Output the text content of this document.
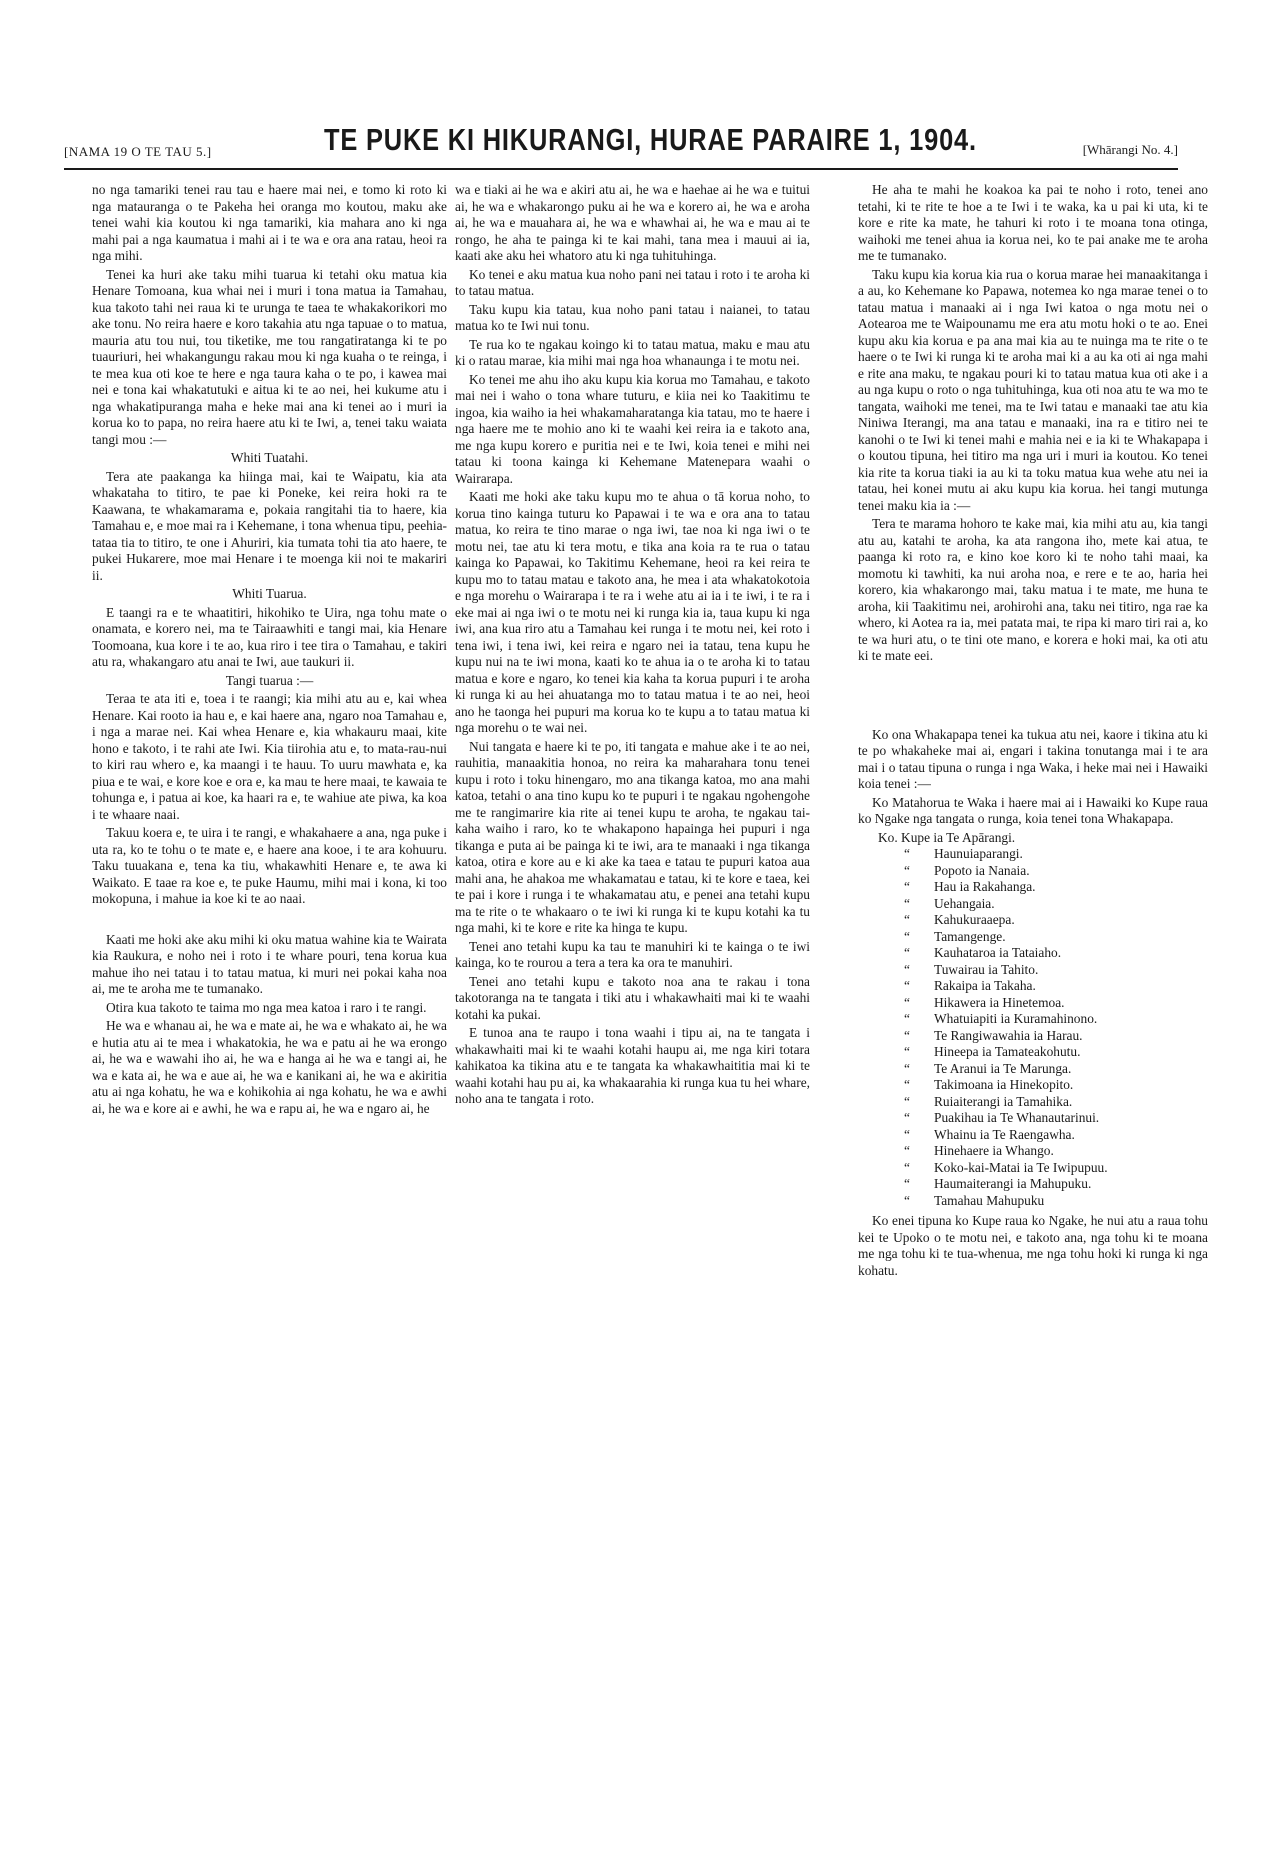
[NAMA 19 O TE TAU 5.]	TE PUKE KI HIKURANGI, HURAE PARAIRE 1, 1904.	[Whārangi No. 4.]

no nga tamariki tenei rau tau e haere mai nei, e tomo ki roto ki nga matauranga o te Pakeha hei oranga mo koutou, maku ake tenei wahi kia koutou ki nga tamariki, kia mahara ano ki nga mahi pai a nga kaumatua i mahi ai i te wa e ora ana ratau, heoi ra nga mihi.

Tenei ka huri ake taku mihi tuarua ki tetahi oku matua kia Henare Tomoana, kua whai nei i muri i tona matua ia Tamahau, kua takoto tahi nei raua ki te urunga te taea te whakakorikori mo ake tonu. No reira haere e koro takahia atu nga tapuae o to matua, mauria atu tou nui, tou tiketike, me tou rangatiratanga ki te po tuauriuri, hei whakangungu rakau mou ki nga kuaha o te reinga, i te mea kua oti koe te here e nga taura kaha o te po, i kawea mai nei e tona kai whakatutuki e aitua ki te ao nei, hei kukume atu i nga whakatipuranga maha e heke mai ana ki tenei ao i muri ia korua ko to papa, no reira haere atu ki te Iwi, a, tenei taku waiata tangi mou :—

Whiti Tuatahi.

Tera ate paakanga ka hiinga mai, kai te Waipatu, kia ata whakataha to titiro, te pae ki Poneke, kei reira hoki ra te Kaawana, te whakamarama e, pokaia rangitahi tia to haere, kia Tamahau e, e moe mai ra i Kehemane, i tona whenua tipu, peehia-tataa tia to titiro, te one i Ahuriri, kia tumata tohi tia ato haere, te pukei Hukarere, moe mai Henare i te moenga kii noi te makariri ii.

Whiti Tuarua.

E taangi ra e te whaatitiri, hikohiko te Uira, nga tohu mate o onamata, e korero nei, ma te Tairaawhiti e tangi mai, kia Henare Toomoana, kua kore i te ao, kua riro i tee tira o Tamahau, e takiri atu ra, whakangaro atu anai te Iwi, aue taukuri ii.

Tangi tuarua :—

Teraa te ata iti e, toea i te raangi; kia mihi atu au e, kai whea Henare. Kai rooto ia hau e, e kai haere ana, ngaro noa Tamahau e, i nga a marae nei. Kai whea Henare e, kia whakauru maai, kite hono e takoto, i te rahi ate Iwi. Kia tiirohia atu e, to mata-rau-nui to kiri rau whero e, ka maangi i te hauu. To uuru mawhata e, ka piua e te wai, e kore koe e ora e, ka mau te here maai, te kawaia te tohunga e, i patua ai koe, ka haari ra e, te wahiue ate piwa, ka koa i te whaare naai.

Takuu koera e, te uira i te rangi, e whakahaere a ana, nga puke i uta ra, ko te tohu o te mate e, e haere ana kooe, i te ara kohuuru. Taku tuuakana e, tena ka tiu, whakawhiti Henare e, te awa ki Waikato. E taae ra koe e, te puke Haumu, mihi mai i kona, ki too mokopuna, i mahue ia koe ki te ao naai.

Kaati me hoki ake aku mihi ki oku matua wahine kia te Wairata kia Raukura, e noho nei i roto i te whare pouri, tena korua kua mahue iho nei tatau i to tatau matua, ki muri nei pokai kaha noa ai, me te aroha me te tumanako.

Otira kua takoto te taima mo nga mea katoa i raro i te rangi.

He wa e whanau ai, he wa e mate ai, he wa e whakato ai, he wa e hutia atu ai te mea i whakatokia, he wa e patu ai he wa erongo ai, he wa e wawahi iho ai, he wa e hanga ai he wa e tangi ai, he wa e kata ai, he wa e aue ai, he wa e kanikani ai, he wa e akiritia atu ai nga kohatu, he wa e kohikohia ai nga kohatu, he wa e awhi ai, he wa e kore ai e awhi, he wa e rapu ai, he wa e ngaro ai, he

wa e tiaki ai he wa e akiri atu ai, he wa e haehae ai he wa e tuitui ai, he wa e whakarongo puku ai he wa e korero ai, he wa e aroha ai, he wa e mauahara ai, he wa e whawhai ai, he wa e mau ai te rongo, he aha te painga ki te kai mahi, tana mea i mauui ai ia, kaati ake aku hei whatoro atu ki nga tuhituhinga.

Ko tenei e aku matua kua noho pani nei tatau i roto i te aroha ki to tatau matua.

Taku kupu kia tatau, kua noho pani tatau i naianei, to tatau matua ko te Iwi nui tonu.

Te rua ko te ngakau koingo ki to tatau matua, maku e mau atu ki o ratau marae, kia mihi mai nga hoa whanaunga i te motu nei.

Ko tenei me ahu iho aku kupu kia korua mo Tamahau, e takoto mai nei i waho o tona whare tuturu, e kiia nei ko Taakitimu te ingoa, kia waiho ia hei whakamaharatanga kia tatau, mo te haere i nga haere me te mohio ano ki te waahi kei reira ia e takoto ana, me nga kupu korero e puritia nei e te Iwi, koia tenei e mihi nei tatau ki toona kainga ki Kehemane Matenepara waahi o Wairarapa.

Kaati me hoki ake taku kupu mo te ahua o tā korua noho, to korua tino kainga tuturu ko Papawai i te wa e ora ana to tatau matua, ko reira te tino marae o nga iwi, tae noa ki nga iwi o te motu nei, tae atu ki tera motu, e tika ana koia ra te rua o tatau kainga ko Papawai, ko Takitimu Kehemane, heoi ra kei reira te kupu mo to tatau matau e takoto ana, he mea i ata whakatokotoia e nga morehu o Wairarapa i te ra i wehe atu ai ia i te iwi, i te ra i eke mai ai nga iwi o te motu nei ki runga kia ia, taua kupu ki nga iwi, ana kua riro atu a Tamahau kei runga i te motu nei, kei roto i tena iwi, i tena iwi, kei reira e ngaro nei ia tatau, tena kupu he kupu nui na te iwi mona, kaati ko te ahua ia o te aroha ki to tatau matua e kore e ngaro, ko tenei kia kaha ta korua pupuri i te aroha ki runga ki au hei ahuatanga mo to tatau matua i te ao nei, heoi ano he taonga hei pupuri ma korua ko te kupu a to tatau matua ki nga morehu o te wai nei.

Nui tangata e haere ki te po, iti tangata e mahue ake i te ao nei, rauhitia, manaakitia honoa, no reira ka maharahara tonu tenei kupu i roto i toku hinengaro, mo ana tikanga katoa, mo ana mahi katoa, tetahi o ana tino kupu ko te pupuri i te ngakau ngohengohe me te rangimarire kia rite ai tenei kupu te aroha, te ngakau tai-kaha waiho i raro, ko te whakapono hapainga hei pupuri i nga tikanga e puta ai be painga ki te iwi, ara te manaaki i nga tikanga katoa, otira e kore au e ki ake ka taea e tatau te pupuri katoa aua mahi ana, he ahakoa me whakamatau e tatau, ki te kore e taea, kei te pai i kore i runga i te whakamatau atu, e penei ana tetahi kupu ma te rite o te whakaaro o te iwi ki runga ki te kupu kotahi ka tu nga mahi, ki te kore e rite ka hinga te kupu.

Tenei ano tetahi kupu ka tau te manuhiri ki te kainga o te iwi kainga, ko te rourou a tera a tera ka ora te manuhiri.

Tenei ano tetahi kupu e takoto noa ana te rakau i tona takotoranga na te tangata i tiki atu i whakawhaiti mai ki te waahi kotahi ka pukai.

E tunoa ana te raupo i tona waahi i tipu ai, na te tangata i whakawhaiti mai ki te waahi kotahi haupu ai, me nga kiri totara kahikatoa ka tikina atu e te tangata ka whakawhaititia mai ki te waahi kotahi hau pu ai, ka whakaarahia ki runga kua tu hei whare, noho ana te tangata i roto.

He aha te mahi he koakoa ka pai te noho i roto, tenei ano tetahi, ki te rite te hoe a te Iwi i te waka, ka u pai ki uta, ki te kore e rite ka mate, he tahuri ki roto i te moana tona otinga, waihoki me tenei ahua ia korua nei, ko te pai anake me te aroha me te tumanako.

Taku kupu kia korua kia rua o korua marae hei manaakitanga i a au, ko Kehemane ko Papawa, notemea ko nga marae tenei o to tatau matua i manaaki ai i nga Iwi katoa o nga motu nei o Aotearoa me te Waipounamu me era atu motu hoki o te ao. Enei kupu aku kia korua e pa ana mai kia au te nuinga ma te rite o te haere o te Iwi ki runga ki te aroha mai ki a au ka oti ai nga mahi e rite ana maku, te ngakau pouri ki to tatau matua kua oti ake i a au nga kupu o roto o nga tuhituhinga, kua oti noa atu te wa mo te tangata, waihoki me tenei, ma te Iwi tatau e manaaki tae atu kia Niniwa Iterangi, ma ana tatau e manaaki, ina ra e titiro nei te kanohi o te Iwi ki tenei mahi e mahia nei e ia ki te Whakapapa i o koutou tipuna, hei titiro ma nga uri i muri ia koutou. Ko tenei kia rite ta korua tiaki ia au ki ta toku matua kua wehe atu nei ia tatau, hei konei mutu ai aku kupu kia korua. hei tangi mutunga tenei maku kia ia :—

Tera te marama hohoro te kake mai, kia mihi atu au, kia tangi atu au, katahi te aroha, ka ata rangona iho, mete kai atua, te paanga ki roto ra, e kino koe koro ki te noho tahi maai, ka momotu ki tawhiti, ka nui aroha noa, e rere e te ao, haria hei korero, kia whakarongo mai, taku matua i te mate, me huna te aroha, kii Taakitimu nei, arohirohi ana, taku nei titiro, nga rae ka whero, ki Aotea ra ia, mei patata mai, te ripa ki maro tiri rai a, ko te wa huri atu, o te tini ote mano, e korera e hoki mai, ka oti atu ki te mate eei.

Ko ona Whakapapa tenei ka tukua atu nei, kaore i tikina atu ki te po whakaheke mai ai, engari i takina tonutanga mai i te ara mai i o tatau tipuna o runga i nga Waka, i heke mai nei i Hawaiki koia tenei :—

Ko Matahorua te Waka i haere mai ai i Hawaiki ko Kupe raua ko Ngake nga tangata o runga, koia tenei tona Whakapapa.

Ko. Kupe ia Te Apārangi.
“ Haunuiaparangi.
“ Popoto ia Nanaia.
“ Hau ia Rakahanga.
“ Uehangaia.
“ Kahukuraaepa.
“ Tamangenge.
“ Kauhataroa ia Tataiaho.
“ Tuwairau ia Tahito.
“ Rakaipa ia Takaha.
“ Hikawera ia Hinetemoa.
“ Whatuiapiti ia Kuramahinono.
“ Te Rangiwawahia ia Harau.
“ Hineepa ia Tamateakohutu.
“ Te Aranui ia Te Marunga.
“ Takimoana ia Hinekopito.
“ Ruiaiterangi ia Tamahika.
“ Puakihau ia Te Whanautarinui.
“ Whainu ia Te Raengawha.
“ Hinehaere ia Whango.
“ Koko-kai-Matai ia Te Iwipupuu.
“ Haumaiterangi ia Mahupuku.
“ Tamahau Mahupuku

Ko enei tipuna ko Kupe raua ko Ngake, he nui atu a raua tohu kei te Upoko o te motu nei, e takoto ana, nga tohu ki te moana me nga tohu ki te tua-whenua, me nga tohu hoki ki runga ki nga kohatu.
